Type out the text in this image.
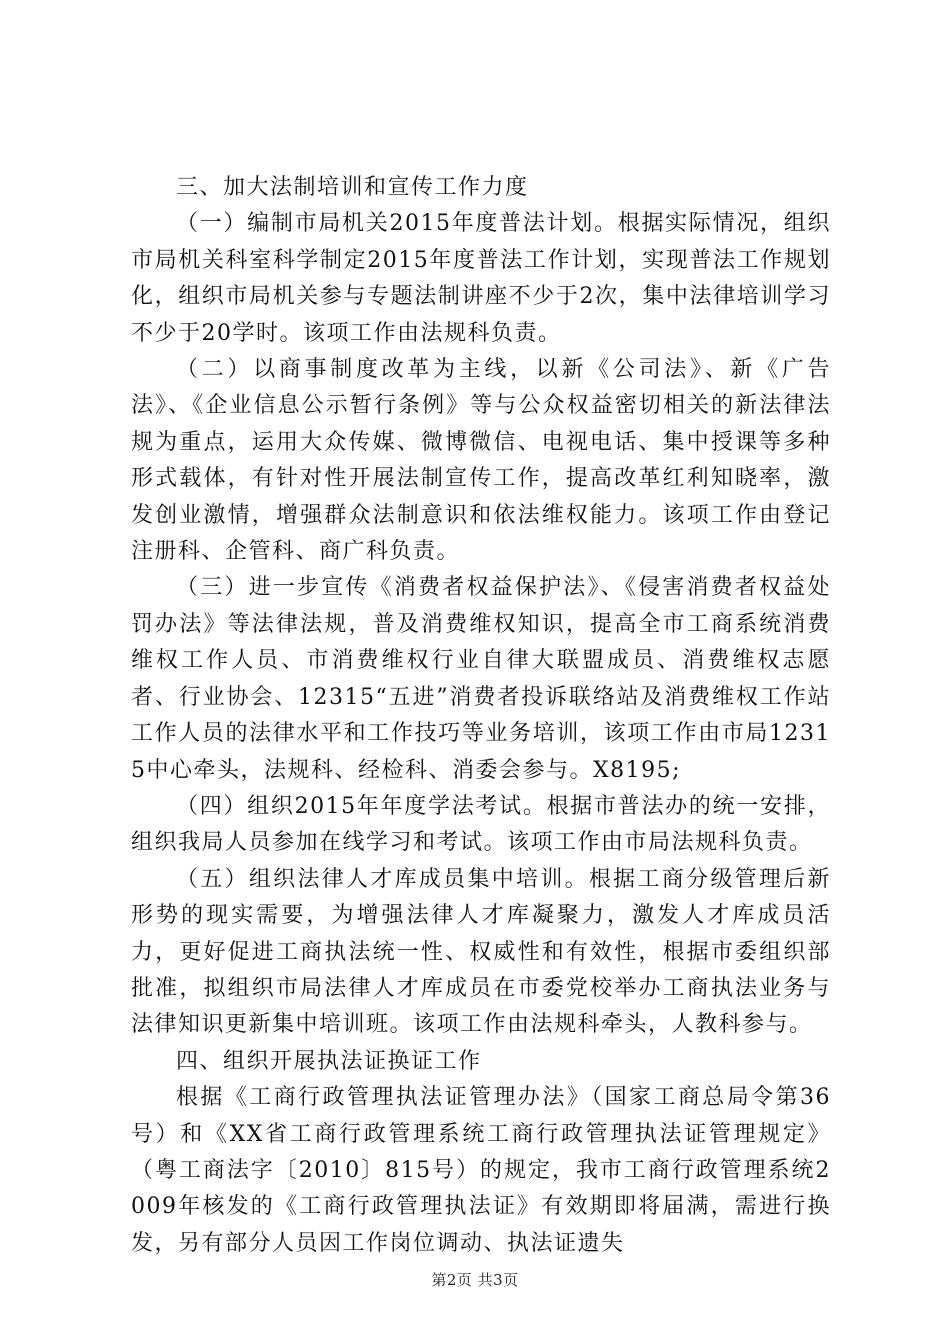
三、加大法制培训和宣传工作力度

（一）编制市局机关2015年度普法计划。根据实际情况，组织市局机关科室科学制定2015年度普法工作计划，实现普法工作规划化，组织市局机关参与专题法制讲座不少于2次，集中法律培训学习不少于20学时。该项工作由法规科负责。

（二）以商事制度改革为主线，以新《公司法》、新《广告法》、《企业信息公示暂行条例》等与公众权益密切相关的新法律法规为重点，运用大众传媒、微博微信、电视电话、集中授课等多种形式载体，有针对性开展法制宣传工作，提高改革红利知晓率，激发创业激情，增强群众法制意识和依法维权能力。该项工作由登记注册科、企管科、商广科负责。

（三）进一步宣传《消费者权益保护法》、《侵害消费者权益处罚办法》等法律法规，普及消费维权知识，提高全市工商系统消费维权工作人员、市消费维权行业自律大联盟成员、消费维权志愿者、行业协会、12315“五进”消费者投诉联络站及消费维权工作站工作人员的法律水平和工作技巧等业务培训，该项工作由市局12315中心牵头，法规科、经检科、消委会参与。X8195;

（四）组织2015年年度学法考试。根据市普法办的统一安排，组织我局人员参加在线学习和考试。该项工作由市局法规科负责。

（五）组织法律人才库成员集中培训。根据工商分级管理后新形势的现实需要，为增强法律人才库凝聚力，激发人才库成员活力，更好促进工商执法统一性、权威性和有效性，根据市委组织部批准，拟组织市局法律人才库成员在市委党校举办工商执法业务与法律知识更新集中培训班。该项工作由法规科牵头，人教科参与。

四、组织开展执法证换证工作

根据《工商行政管理执法证管理办法》（国家工商总局令第36号）和《XX省工商行政管理系统工商行政管理执法证管理规定》（粤工商法字〔2010〕815号）的规定，我市工商行政管理系统2009年核发的《工商行政管理执法证》有效期即将届满，需进行换发，另有部分人员因工作岗位调动、执法证遗失

第2页 共3页
